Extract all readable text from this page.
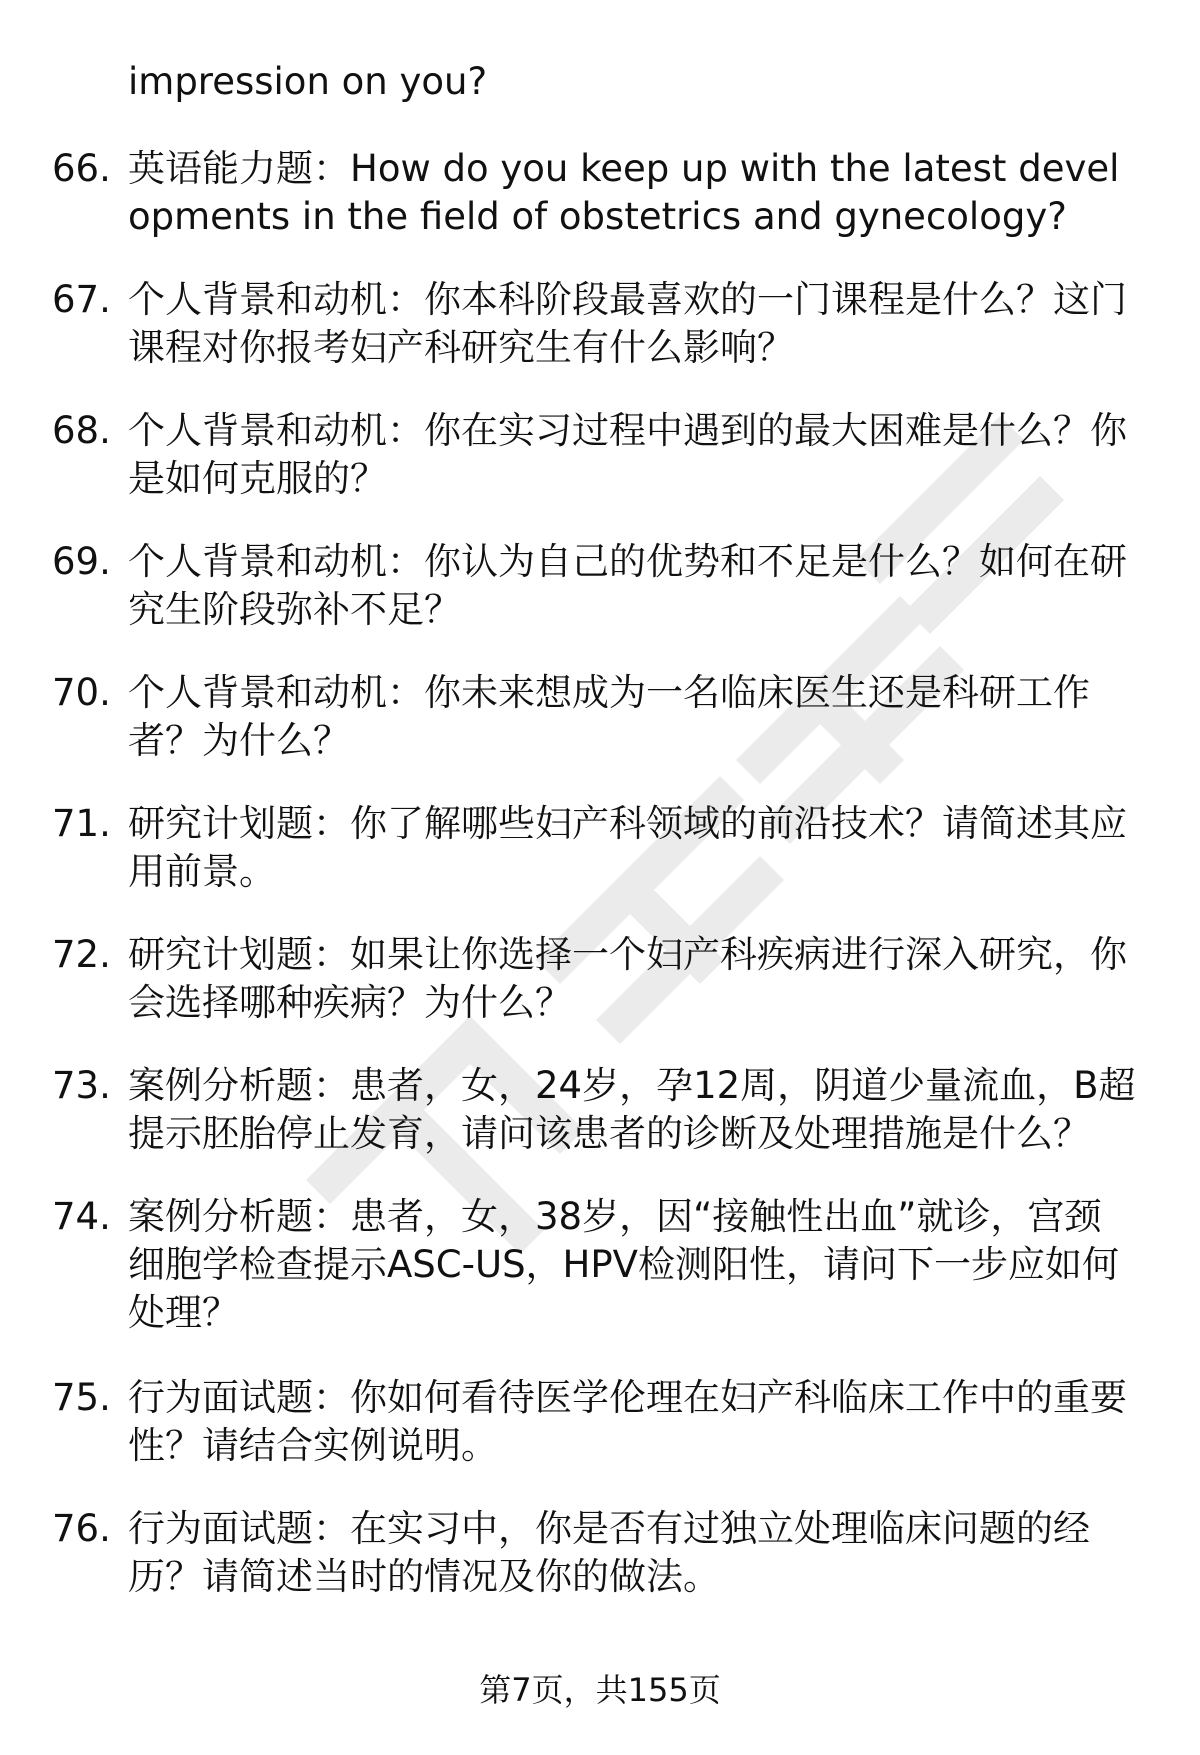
impression on you?

66. 英语能力题：How do you keep up with the latest developments in the field of obstetrics and gynecology?
67. 个人背景和动机：你本科阶段最喜欢的一门课程是什么？这门课程对你报考妇产科研究生有什么影响？
68. 个人背景和动机：你在实习过程中遇到的最大困难是什么？你是如何克服的？
69. 个人背景和动机：你认为自己的优势和不足是什么？如何在研究生阶段弥补不足？
70. 个人背景和动机：你未来想成为一名临床医生还是科研工作者？为什么？
71. 研究计划题：你了解哪些妇产科领域的前沿技术？请简述其应用前景。
72. 研究计划题：如果让你选择一个妇产科疾病进行深入研究，你会选择哪种疾病？为什么？
73. 案例分析题：患者，女，24岁，孕12周，阴道少量流血，B超提示胚胎停止发育，请问该患者的诊断及处理措施是什么？
74. 案例分析题：患者，女，38岁，因“接触性出血”就诊，宫颈细胞学检查提示ASC-US，HPV检测阳性，请问下一步应如何处理？
75. 行为面试题：你如何看待医学伦理在妇产科临床工作中的重要性？请结合实例说明。
76. 行为面试题：在实习中，你是否有过独立处理临床问题的经历？请简述当时的情况及你的做法。
第7页，共155页
